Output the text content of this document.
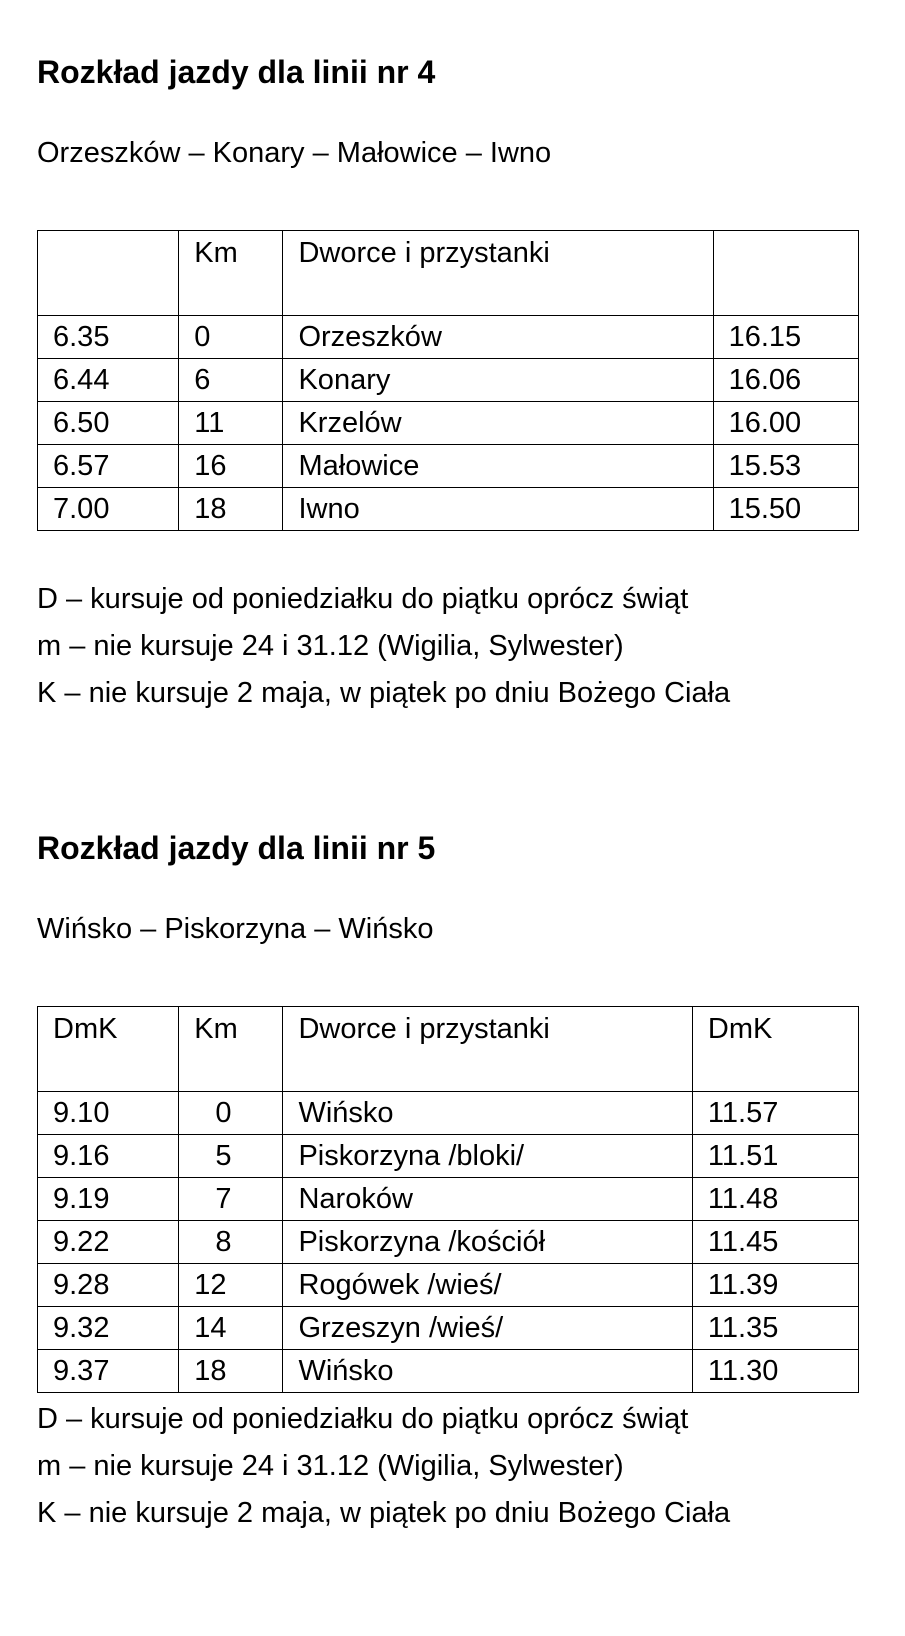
Rozkład jazdy dla linii nr 4

Orzeszków – Konary – Małowice – Iwno

	Km	Dworce i przystanki	
6.35	0	Orzeszków	16.15
6.44	6	Konary	16.06
6.50	11	Krzelów	16.00
6.57	16	Małowice	15.53
7.00	18	Iwno	15.50
D – kursuje od poniedziałku do piątku oprócz świąt
m – nie kursuje 24 i 31.12 (Wigilia, Sylwester)
K – nie kursuje 2 maja, w piątek po dniu Bożego Ciała
Rozkład jazdy dla linii nr 5

Wińsko – Piskorzyna – Wińsko

DmK	Km	Dworce i przystanki	DmK
9.10	0	Wińsko	11.57
9.16	5	Piskorzyna /bloki/	11.51
9.19	7	Naroków	11.48
9.22	8	Piskorzyna /kościół	11.45
9.28	12	Rogówek /wieś/	11.39
9.32	14	Grzeszyn /wieś/	11.35
9.37	18	Wińsko	11.30
D – kursuje od poniedziałku do piątku oprócz świąt
m – nie kursuje 24 i 31.12 (Wigilia, Sylwester)
K – nie kursuje 2 maja, w piątek po dniu Bożego Ciała
